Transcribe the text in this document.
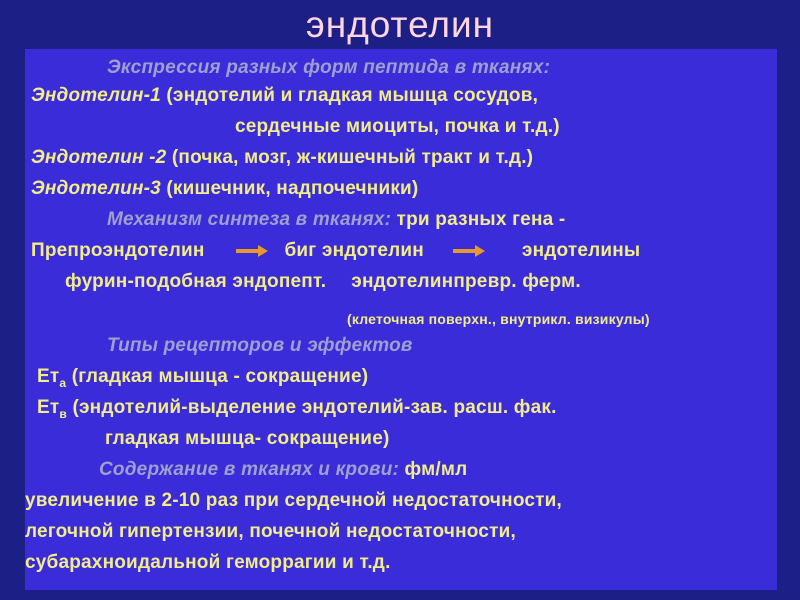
эндотелин
Экспрессия разных форм пептида в тканях:
Эндотелин-1 (эндотелий и гладкая мышца сосудов,
сердечные миоциты, почка и т.д.)
Эндотелин -2 (почка, мозг, ж-кишечный тракт и т.д.)
Эндотелин-3 (кишечник, надпочечники)
Механизм синтеза в тканях: три разных гена -
Препроэндотелин	биг эндотелин	эндотелины
фурин-подобная эндопепт. эндотелинпревр. ферм.
(клеточная поверхн., внутрикл. визикулы)
Типы рецепторов и эффектов
$Ет_а$ (гладкая мышца - сокращение)
$Ет_в$ (эндотелий-выделение эндотелий-зав. расш. фак.
гладкая мышца- сокращение)
Содержание в тканях и крови: фм/мл
увеличение в 2-10 раз при сердечной недостаточности,
легочной гипертензии, почечной недостаточности,
субарахноидальной геморрагии и т.д.
